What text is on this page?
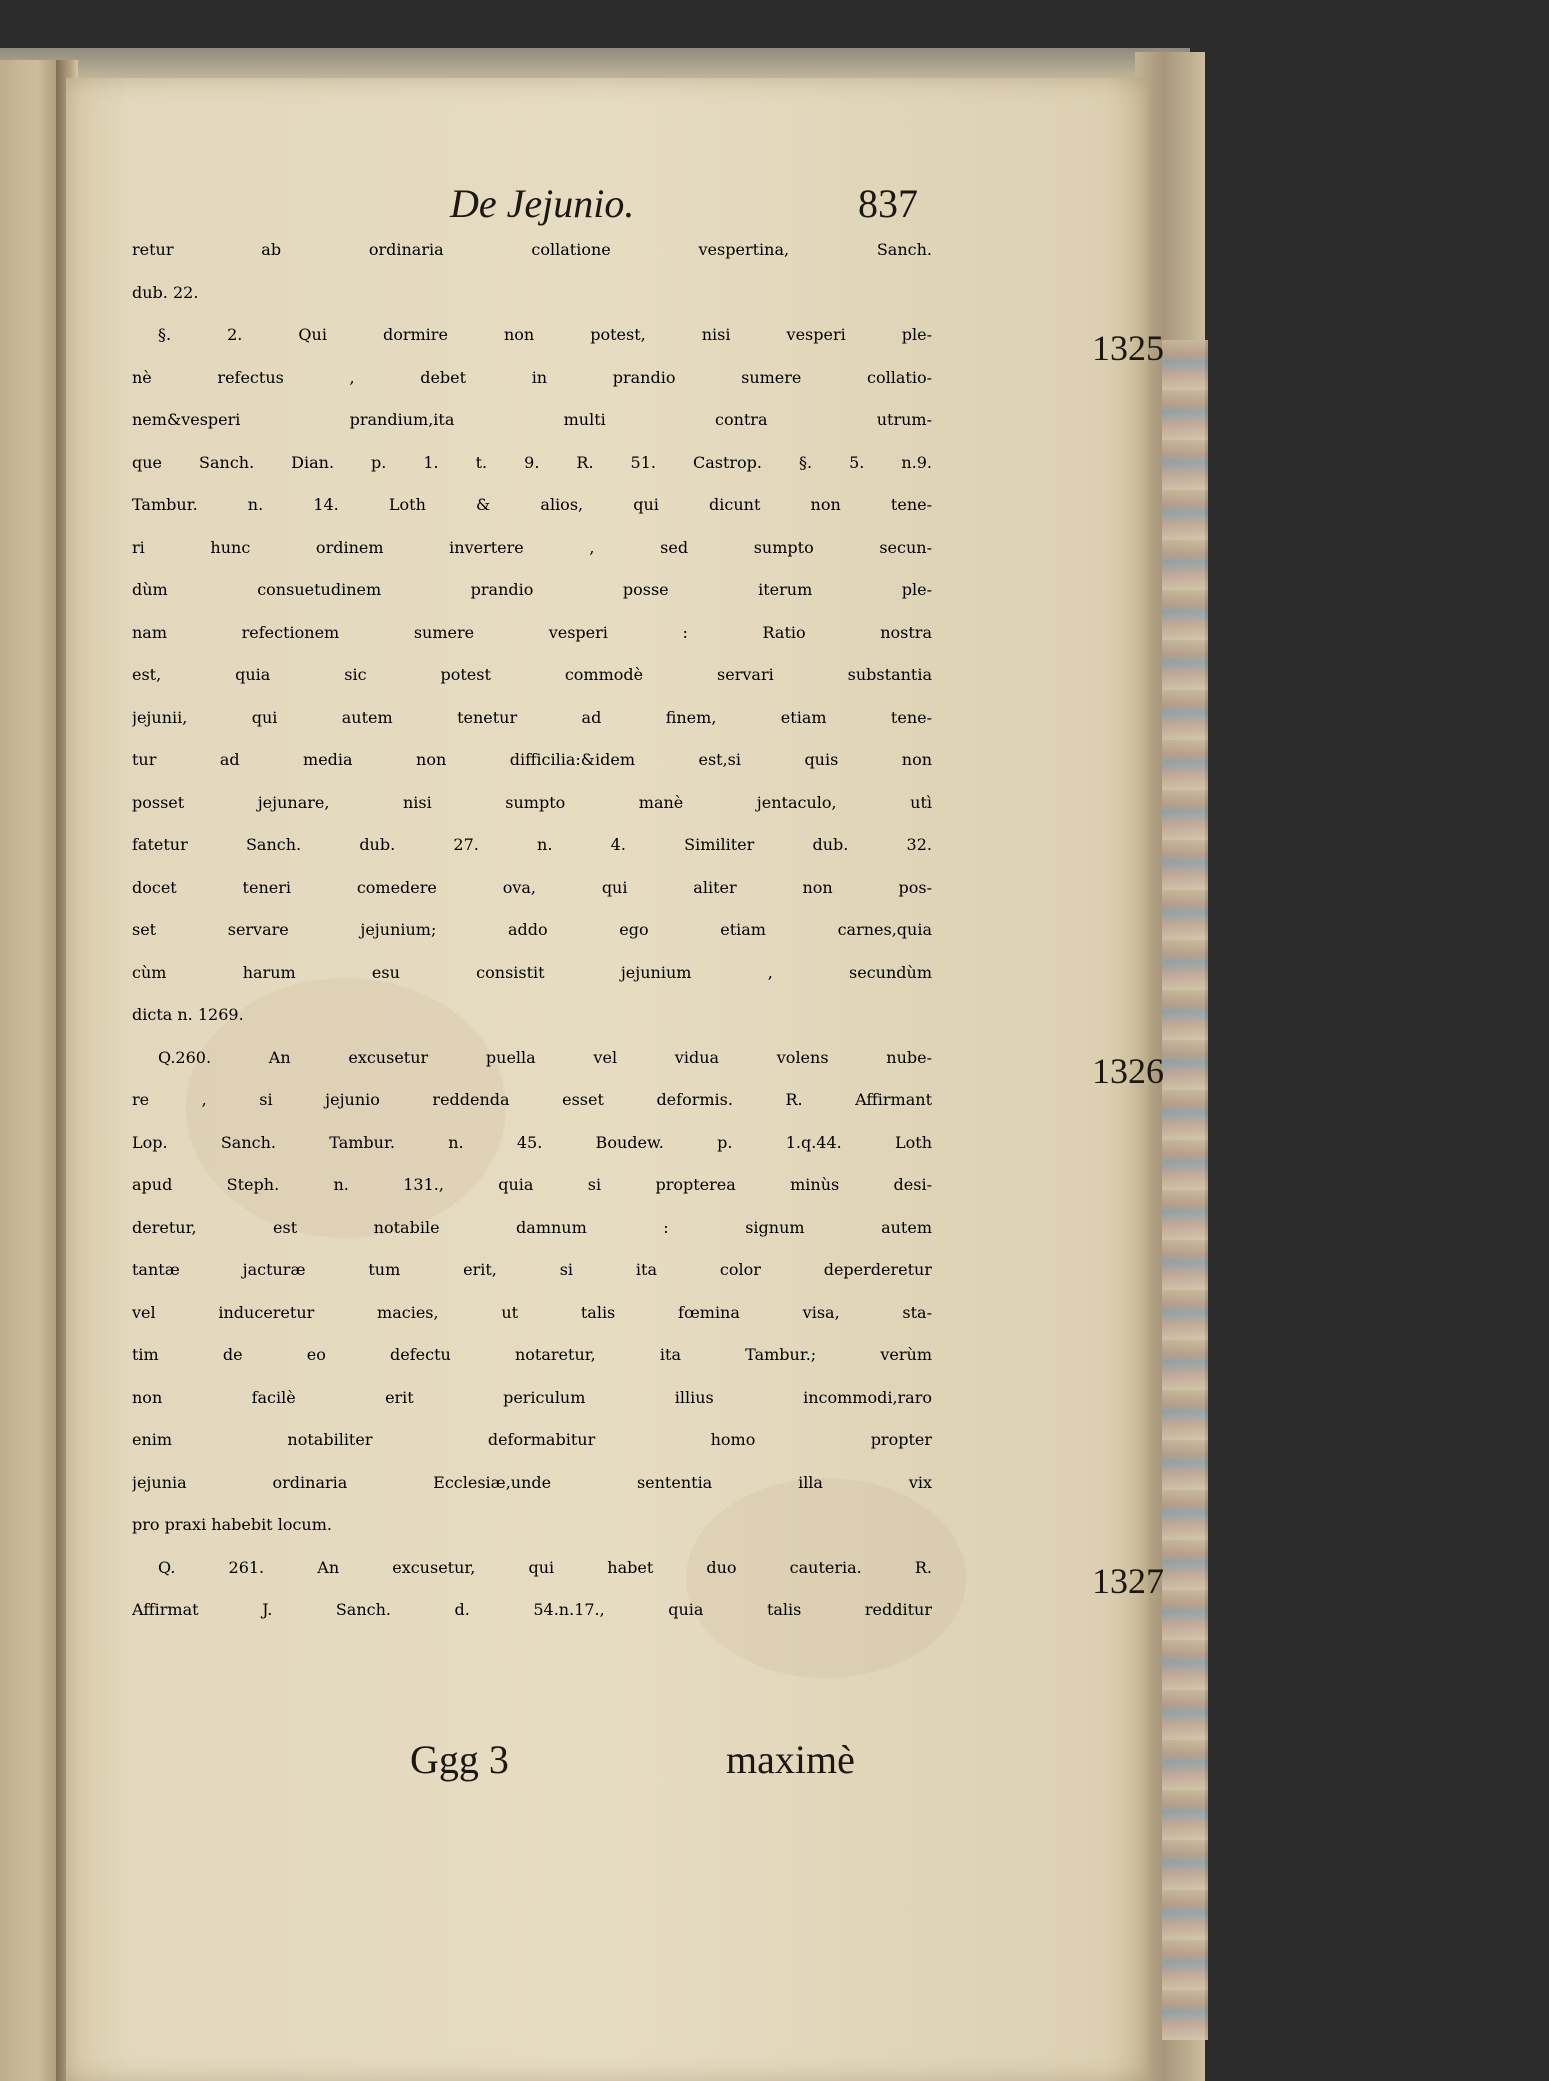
De Jejunio.	837
1325
1326
1327
retur ab ordinaria collatione vespertina, Sanch.
dub. 22.
§. 2. Qui dormire non potest, nisi vesperi ple-
nè refectus , debet in prandio sumere collatio-
nem&vesperi prandium,ita multi contra utrum-
que Sanch. Dian. p. 1. t. 9. R. 51. Castrop. §. 5. n.9.
Tambur. n. 14. Loth & alios, qui dicunt non tene-
ri hunc ordinem invertere , sed sumpto secun-
dùm consuetudinem prandio posse iterum ple-
nam refectionem sumere vesperi : Ratio nostra
est, quia sic potest commodè servari substantia
jejunii, qui autem tenetur ad finem, etiam tene-
tur ad media non difficilia:&idem est,si quis non
posset jejunare, nisi sumpto manè jentaculo, utì
fatetur Sanch. dub. 27. n. 4. Similiter dub. 32.
docet teneri comedere ova, qui aliter non pos-
set servare jejunium; addo ego etiam carnes,quia
cùm harum esu consistit jejunium , secundùm
dicta n. 1269.
Q.260. An excusetur puella vel vidua volens nube-
re , si jejunio reddenda esset deformis. R. Affirmant
Lop. Sanch. Tambur. n. 45. Boudew. p. 1.q.44. Loth
apud Steph. n. 131., quia si propterea minùs desi-
deretur, est notabile damnum : signum autem
tantæ jacturæ tum erit, si ita color deperderetur
vel induceretur macies, ut talis fœmina visa, sta-
tim de eo defectu notaretur, ita Tambur.; verùm
non facilè erit periculum illius incommodi,raro
enim notabiliter deformabitur homo propter
jejunia ordinaria Ecclesiæ,unde sententia illa vix
pro praxi habebit locum.
Q. 261. An excusetur, qui habet duo cauteria. R.
Affirmat J. Sanch. d. 54.n.17., quia talis redditur
Ggg 3	maximè
